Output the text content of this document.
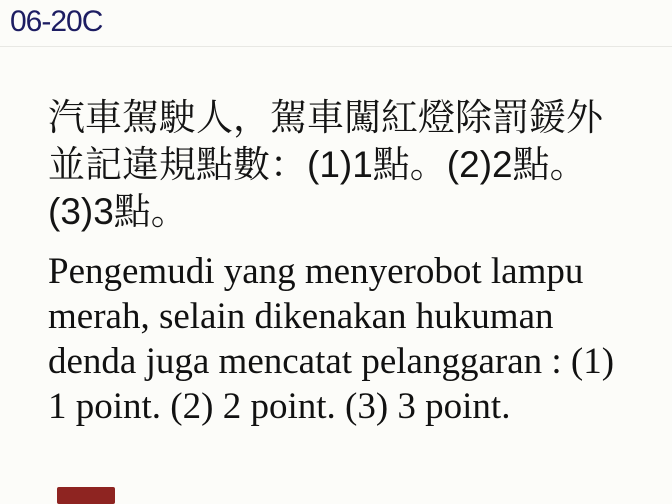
06-20C
汽車駕駛人，駕車闖紅燈除罰鍰外
並記違規點數：(1)1點。(2)2點。
(3)3點。
Pengemudi yang menyerobot lampu
merah, selain dikenakan hukuman
denda juga mencatat pelanggaran : (1)
1 point. (2) 2 point. (3) 3 point.
